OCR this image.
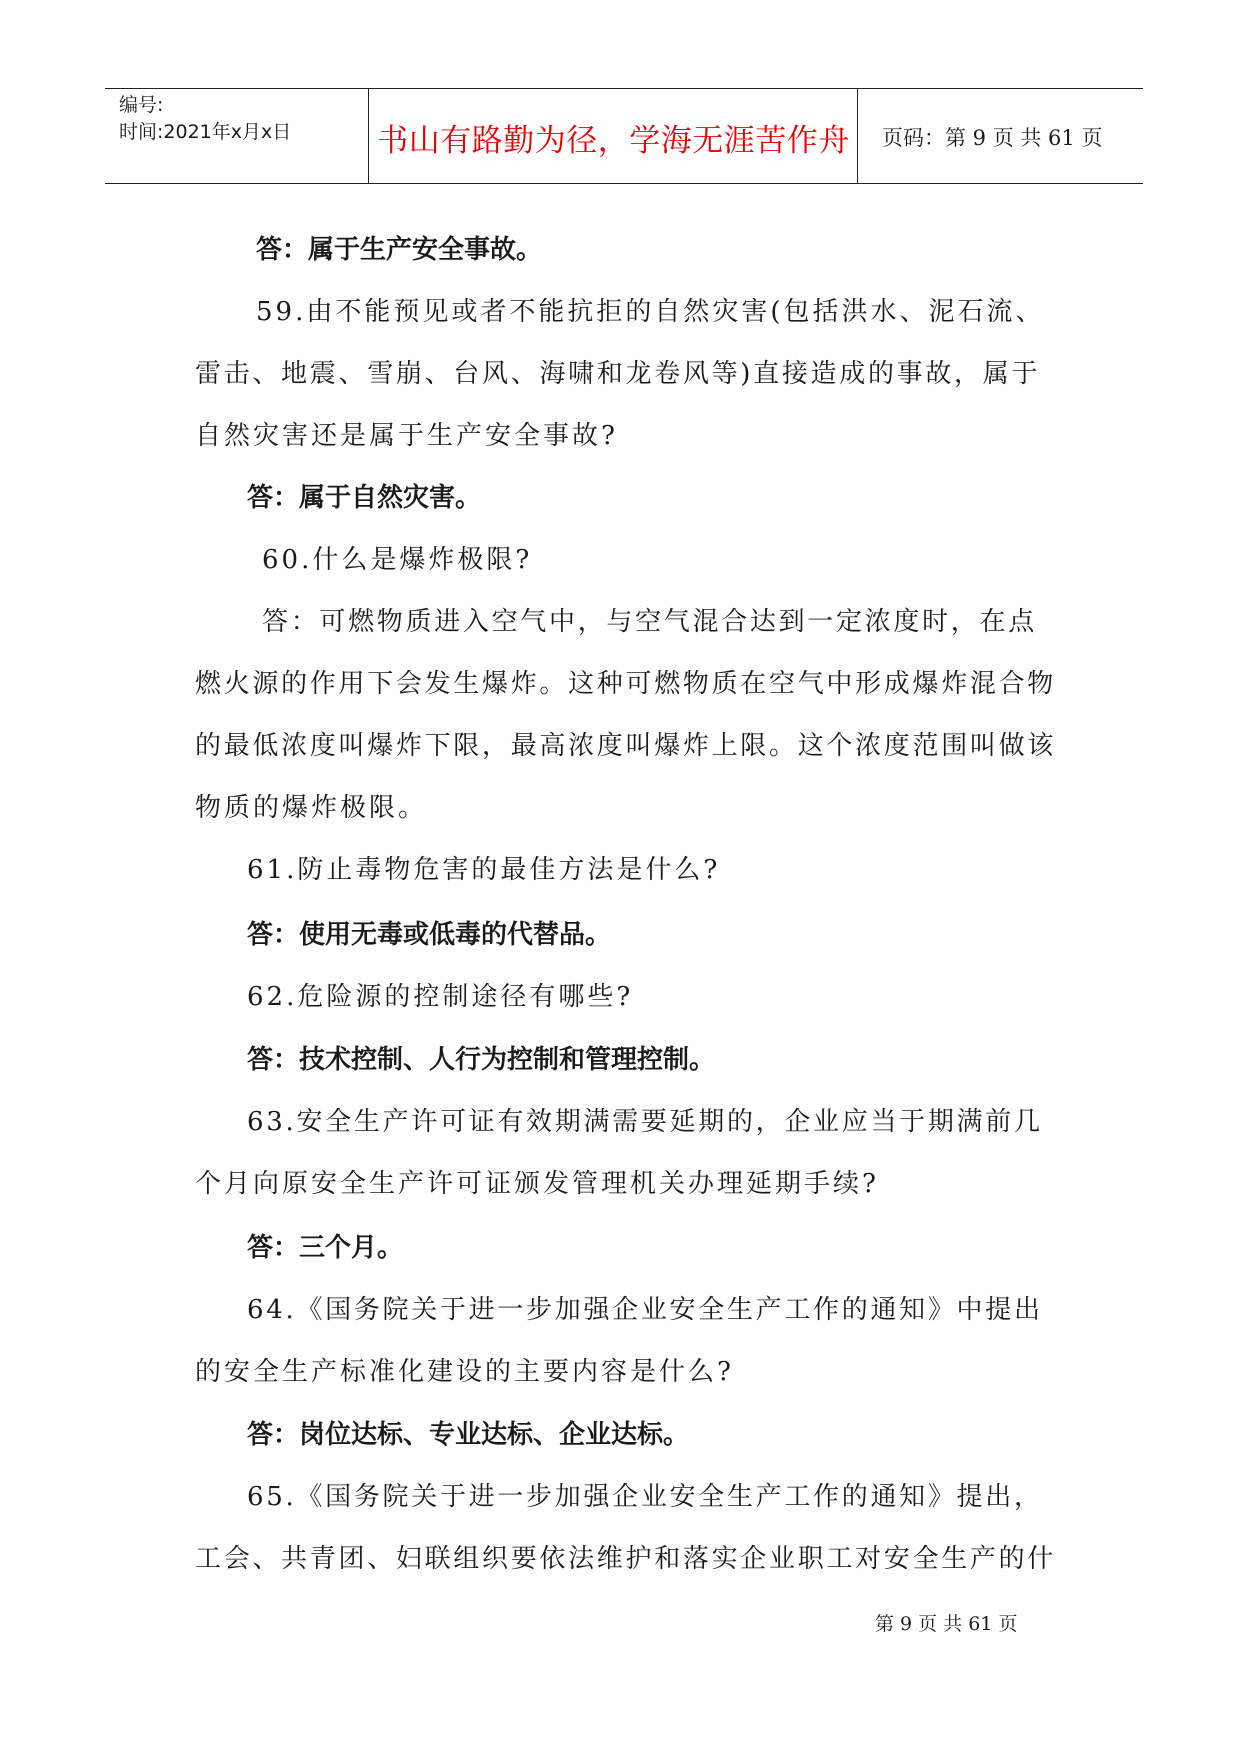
编号:
时间:2021年x月x日	书山有路勤为径，学海无涯苦作舟	页码：第 9 页 共 61 页
答：属于生产安全事故。
59.由不能预见或者不能抗拒的自然灾害(包括洪水、泥石流、
雷击、地震、雪崩、台风、海啸和龙卷风等)直接造成的事故，属于
自然灾害还是属于生产安全事故?
答：属于自然灾害。
60.什么是爆炸极限?
答：可燃物质进入空气中，与空气混合达到一定浓度时，在点
燃火源的作用下会发生爆炸。这种可燃物质在空气中形成爆炸混合物
的最低浓度叫爆炸下限，最高浓度叫爆炸上限。这个浓度范围叫做该
物质的爆炸极限。
61.防止毒物危害的最佳方法是什么?
答：使用无毒或低毒的代替品。
62.危险源的控制途径有哪些?
答：技术控制、人行为控制和管理控制。
63.安全生产许可证有效期满需要延期的，企业应当于期满前几
个月向原安全生产许可证颁发管理机关办理延期手续?
答：三个月。
64.《国务院关于进一步加强企业安全生产工作的通知》中提出
的安全生产标准化建设的主要内容是什么?
答：岗位达标、专业达标、企业达标。
65.《国务院关于进一步加强企业安全生产工作的通知》提出，
工会、共青团、妇联组织要依法维护和落实企业职工对安全生产的什
第 9 页 共 61 页
